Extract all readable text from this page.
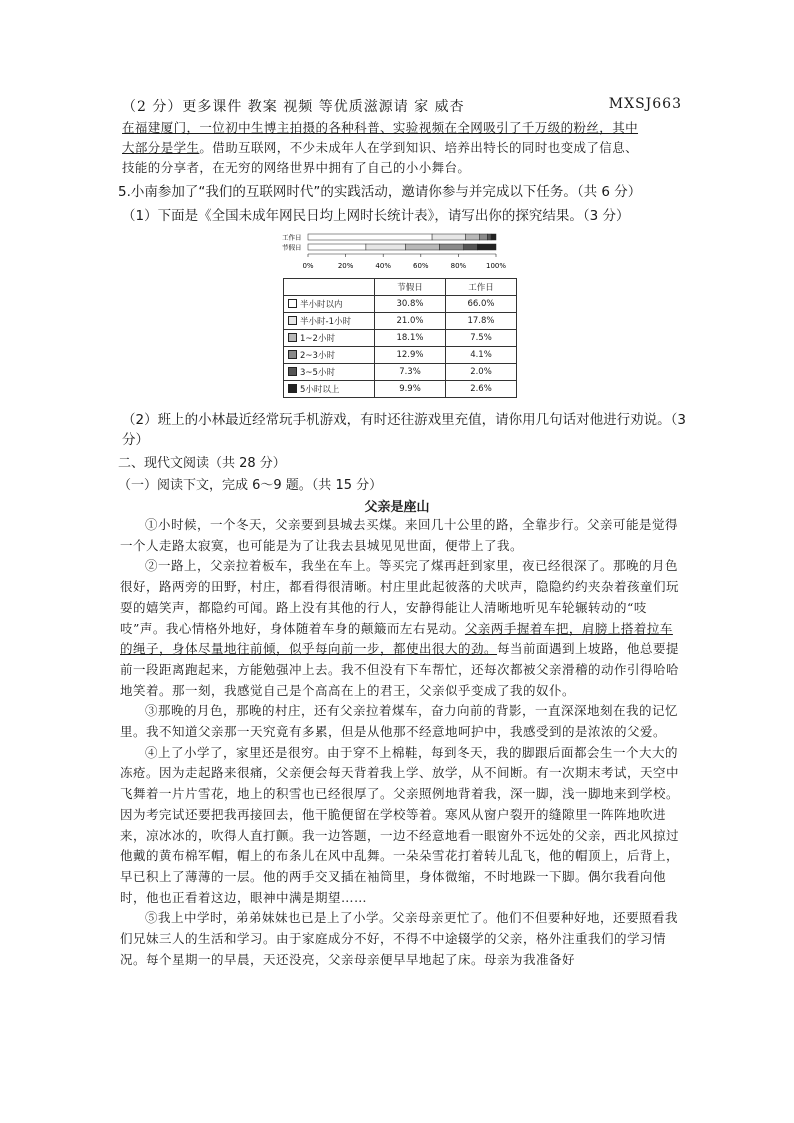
（2 分）更多课件 教案 视频 等优质滋源请 家 威杏	MXSJ663
在福建厦门，一位初中生博主拍摄的各种科普、实验视频在全网吸引了千万级的粉丝，其中
大部分是学生。借助互联网，不少未成年人在学到知识、培养出特长的同时也变成了信息、
技能的分享者，在无穷的网络世界中拥有了自己的小小舞台。
5.小南参加了“我们的互联网时代”的实践活动，邀请你参与并完成以下任务。（共 6 分）
（1）下面是《全国未成年网民日均上网时长统计表》，请写出你的探究结果。（3 分）
工作日
节假日
0%	20%	40%	60%	80%	100%
	节假日	工作日
半小时以内	30.8%	66.0%
半小时-1小时	21.0%	17.8%
1~2小时	18.1%	7.5%
2~3小时	12.9%	4.1%
3~5小时	7.3%	2.0%
5小时以上	9.9%	2.6%
（2）班上的小林最近经常玩手机游戏，有时还往游戏里充值，请你用几句话对他进行劝说。（3 分）
二、现代文阅读（共 28 分）
（一）阅读下文，完成 6～9 题。（共 15 分）
父亲是座山

①小时候，一个冬天，父亲要到县城去买煤。来回几十公里的路，全靠步行。父亲可能是觉得一个人走路太寂寞，也可能是为了让我去县城见见世面，便带上了我。

②一路上，父亲拉着板车，我坐在车上。等买完了煤再赶到家里，夜已经很深了。那晚的月色很好，路两旁的田野，村庄，都看得很清晰。村庄里此起彼落的犬吠声，隐隐约约夹杂着孩童们玩耍的嬉笑声，都隐约可闻。路上没有其他的行人，安静得能让人清晰地听见车轮辗转动的“吱吱”声。我心情格外地好，身体随着车身的颠簸而左右晃动。父亲两手握着车把，肩膀上搭着拉车的绳子，身体尽量地往前倾，似乎每向前一步，都使出很大的劲。每当前面遇到上坡路，他总要提前一段距离跑起来，方能勉强冲上去。我不但没有下车帮忙，还每次都被父亲滑稽的动作引得哈哈地笑着。那一刻，我感觉自己是个高高在上的君王，父亲似乎变成了我的奴仆。

③那晚的月色，那晚的村庄，还有父亲拉着煤车，奋力向前的背影，一直深深地刻在我的记忆里。我不知道父亲那一天究竟有多累，但是从他那不经意地呵护中，我感受到的是浓浓的父爱。

④上了小学了，家里还是很穷。由于穿不上棉鞋，每到冬天，我的脚跟后面都会生一个大大的冻疮。因为走起路来很痛，父亲便会每天背着我上学、放学，从不间断。有一次期末考试，天空中飞舞着一片片雪花，地上的积雪也已经很厚了。父亲照例地背着我，深一脚，浅一脚地来到学校。因为考完试还要把我再接回去，他干脆便留在学校等着。寒风从窗户裂开的缝隙里一阵阵地吹进来，凉冰冰的，吹得人直打颤。我一边答题，一边不经意地看一眼窗外不远处的父亲，西北风掠过他戴的黄布棉军帽，帽上的布条儿在风中乱舞。一朵朵雪花打着转儿乱飞，他的帽顶上，后背上，早已积上了薄薄的一层。他的两手交叉插在袖筒里，身体微缩，不时地跺一下脚。偶尔我看向他时，他也正看着这边，眼神中满是期望……

⑤我上中学时，弟弟妹妹也已是上了小学。父亲母亲更忙了。他们不但要种好地，还要照看我们兄妹三人的生活和学习。由于家庭成分不好，不得不中途辍学的父亲，格外注重我们的学习情况。每个星期一的早晨，天还没亮，父亲母亲便早早地起了床。母亲为我准备好
